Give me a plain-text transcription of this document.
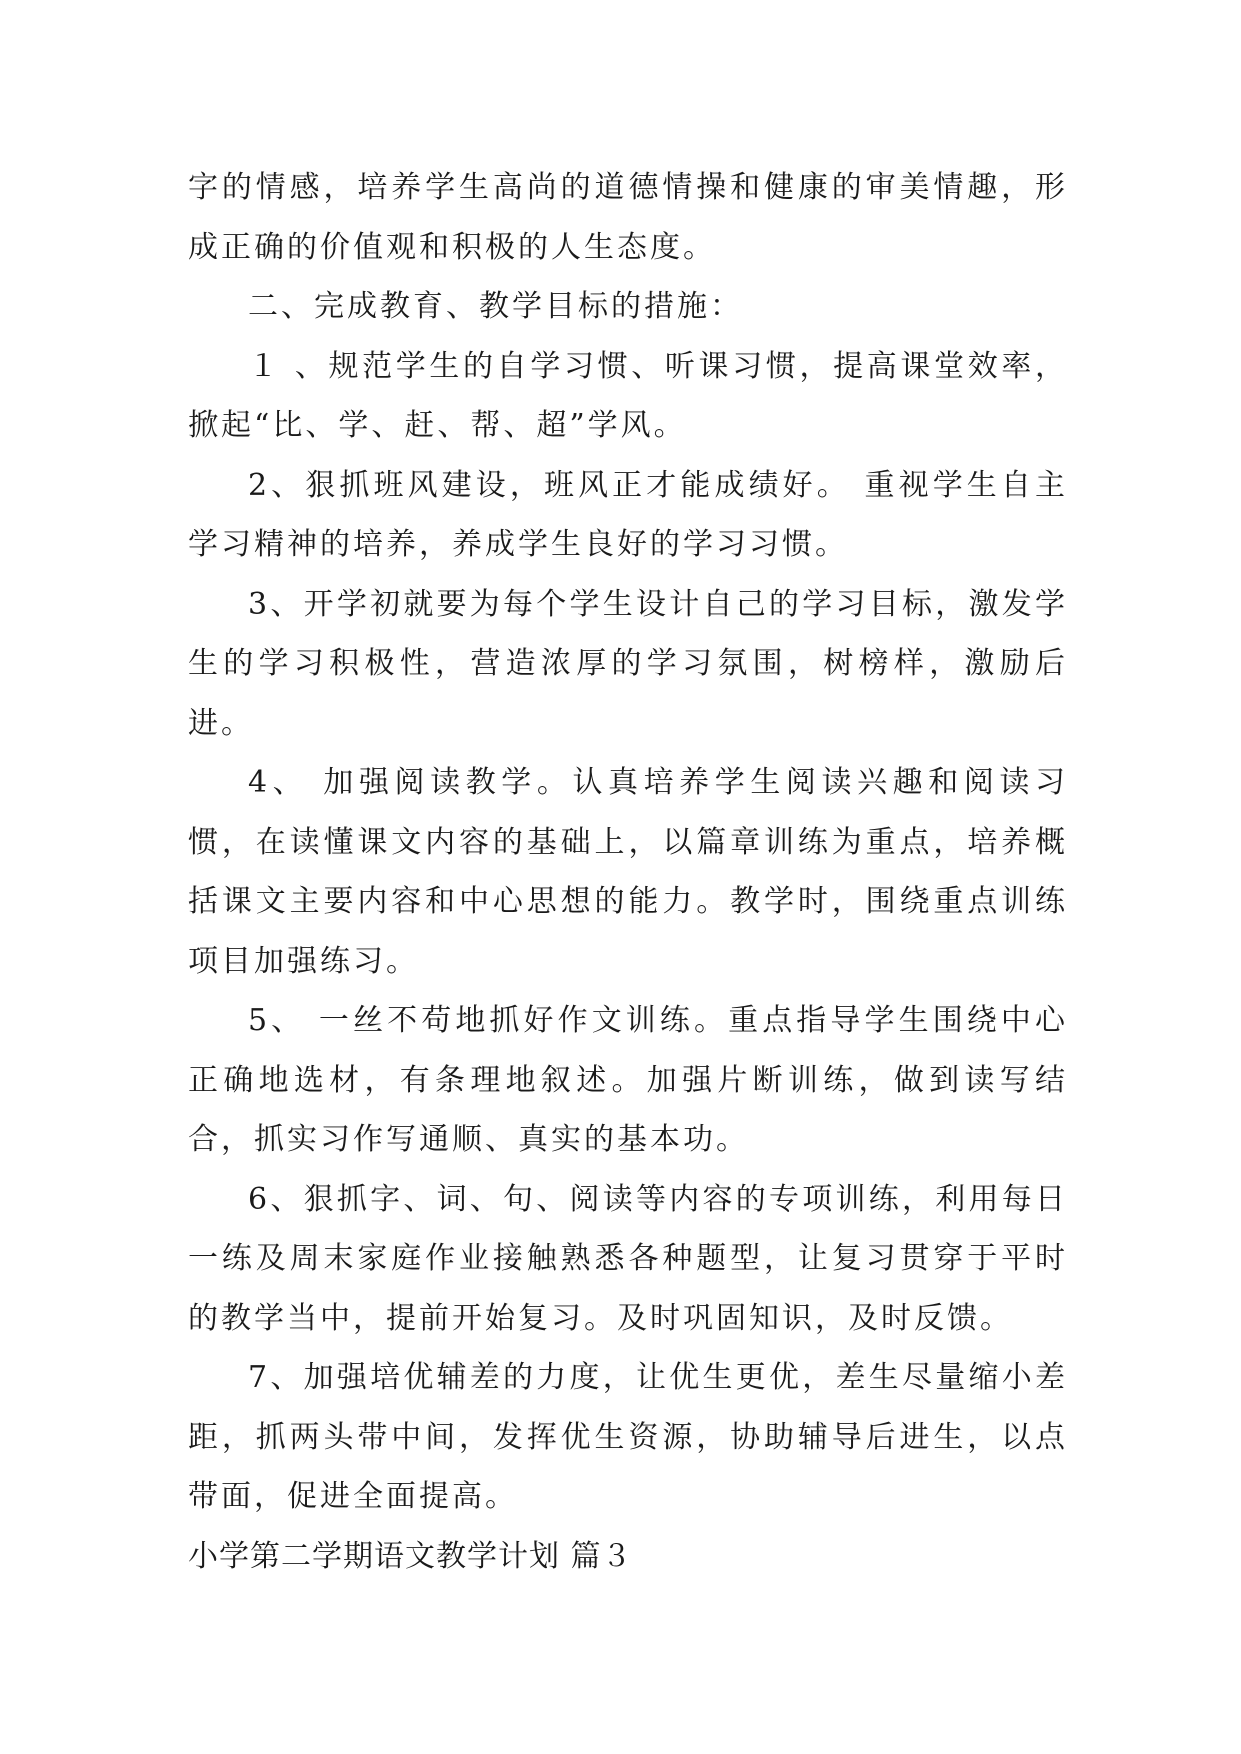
字的情感，培养学生高尚的道德情操和健康的审美情趣，形成正确的价值观和积极的人生态度。

二、完成教育、教学目标的措施：

１ 、规范学生的自学习惯、听课习惯，提高课堂效率，掀起“比、学、赶、帮、超”学风。

2、狠抓班风建设，班风正才能成绩好。 重视学生自主学习精神的培养，养成学生良好的学习习惯。

3、开学初就要为每个学生设计自己的学习目标，激发学生的学习积极性，营造浓厚的学习氛围，树榜样，激励后进。

4、 加强阅读教学。认真培养学生阅读兴趣和阅读习惯，在读懂课文内容的基础上，以篇章训练为重点，培养概括课文主要内容和中心思想的能力。教学时，围绕重点训练项目加强练习。

5、 一丝不苟地抓好作文训练。重点指导学生围绕中心正确地选材，有条理地叙述。加强片断训练，做到读写结合，抓实习作写通顺、真实的基本功。

6、狠抓字、词、句、阅读等内容的专项训练，利用每日一练及周末家庭作业接触熟悉各种题型，让复习贯穿于平时的教学当中，提前开始复习。及时巩固知识，及时反馈。

7、加强培优辅差的力度，让优生更优，差生尽量缩小差距，抓两头带中间，发挥优生资源，协助辅导后进生，以点带面，促进全面提高。

小学第二学期语文教学计划 篇３
